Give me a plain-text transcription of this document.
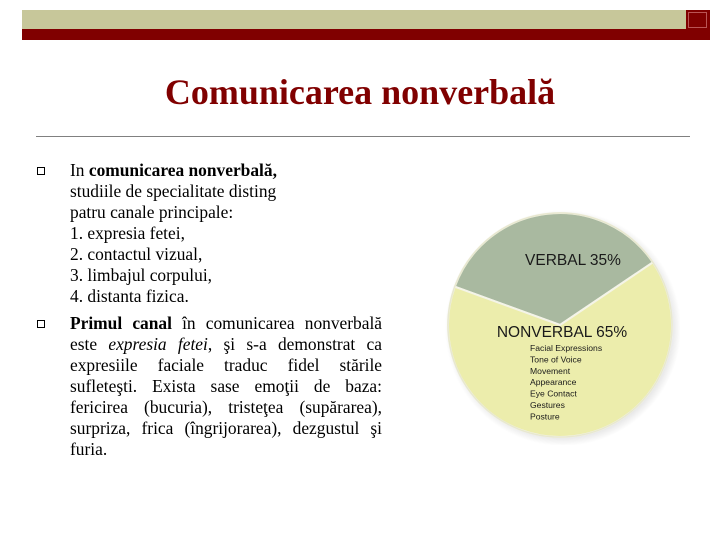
Comunicarea nonverbală
In comunicarea nonverbală,
studiile de specialitate disting
patru canale principale:
1. expresia fetei,
2. contactul vizual,
3. limbajul corpului,
4. distanta fizica.
Primul canal în comunicarea nonverbală este expresia fetei, şi s-a demonstrat ca expresiile faciale traduc fidel stările sufleteşti. Exista sase emoţii de baza: fericirea (bucuria), tristeţea (supărarea), surpriza, frica (îngrijorarea), dezgustul şi furia.
VERBAL 35%
NONVERBAL 65%
Facial Expressions
Tone of Voice
Movement
Appearance
Eye Contact
Gestures
Posture
